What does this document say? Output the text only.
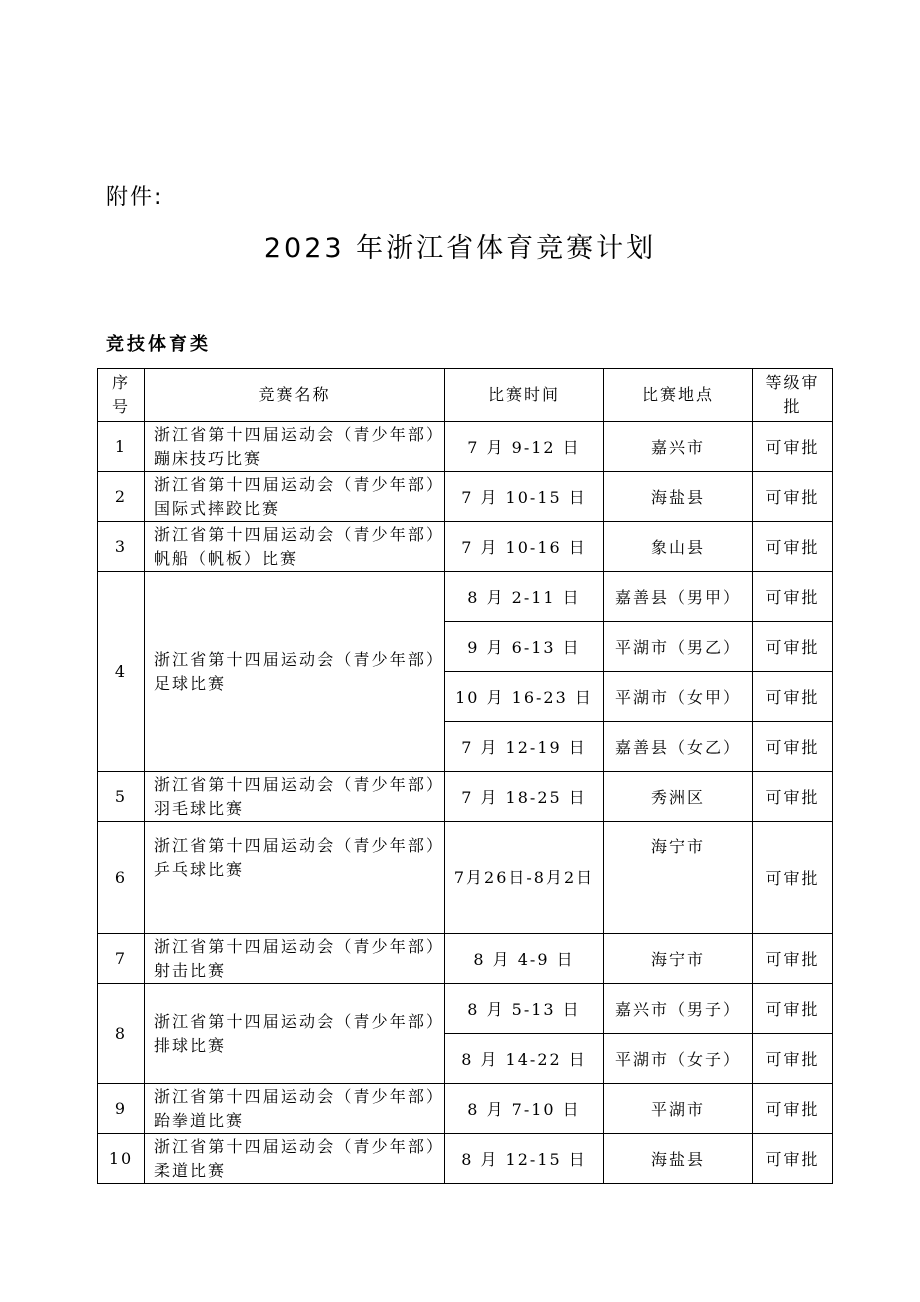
附件:
2023 年浙江省体育竞赛计划
竞技体育类
序号	竞赛名称	比赛时间	比赛地点	等级审批
1	浙江省第十四届运动会（青少年部）蹦床技巧比赛	7 月 9-12 日	嘉兴市	可审批
2	浙江省第十四届运动会（青少年部）国际式摔跤比赛	7 月 10-15 日	海盐县	可审批
3	浙江省第十四届运动会（青少年部）帆船（帆板）比赛	7 月 10-16 日	象山县	可审批
4	浙江省第十四届运动会（青少年部）足球比赛	8 月 2-11 日	嘉善县（男甲）	可审批
		9 月 6-13 日	平湖市（男乙）	可审批
		10 月 16-23 日	平湖市（女甲）	可审批
		7 月 12-19 日	嘉善县（女乙）	可审批
5	浙江省第十四届运动会（青少年部）羽毛球比赛	7 月 18-25 日	秀洲区	可审批
6	浙江省第十四届运动会（青少年部）乒乓球比赛	7月26日-8月2日	海宁市	可审批
7	浙江省第十四届运动会（青少年部）射击比赛	8 月 4-9 日	海宁市	可审批
8	浙江省第十四届运动会（青少年部）排球比赛	8 月 5-13 日	嘉兴市（男子）	可审批
		8 月 14-22 日	平湖市（女子）	可审批
9	浙江省第十四届运动会（青少年部）跆拳道比赛	8 月 7-10 日	平湖市	可审批
10	浙江省第十四届运动会（青少年部）柔道比赛	8 月 12-15 日	海盐县	可审批
